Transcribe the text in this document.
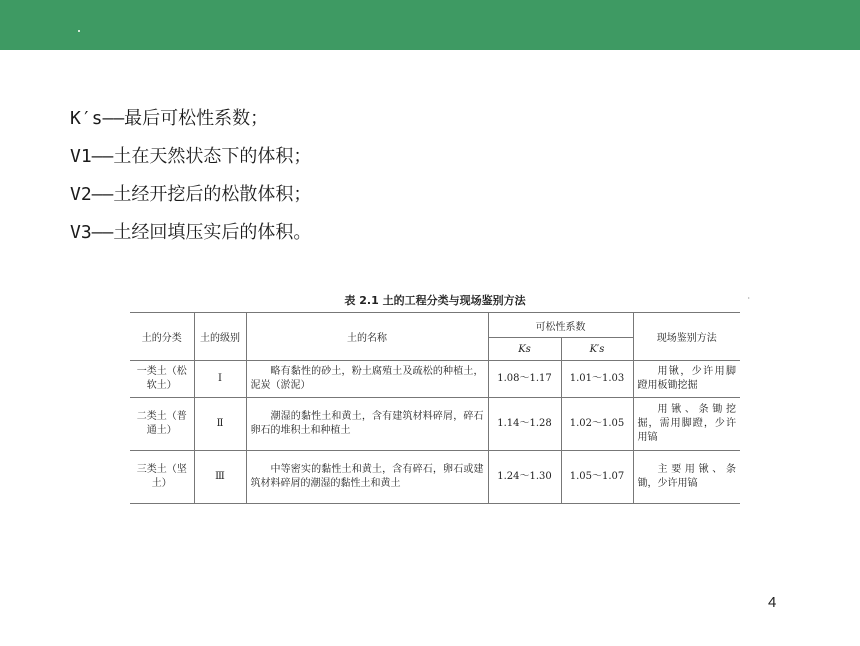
K′s——最后可松性系数；
V1——土在天然状态下的体积；
V2——土经开挖后的松散体积；
V3——土经回填压实后的体积。
表 2.1 土的工程分类与现场鉴别方法	·
土的分类	土的级别	土的名称	可松性系数		现场鉴别方法
			Ks	K′s	
一类土（松软土）	Ⅰ	略有黏性的砂土，粉土腐殖土及疏松的种植土，泥炭（淤泥）	1.08～1.17	1.01～1.03	用锹，少许用脚蹬用板锄挖掘
二类土（普通土）	Ⅱ	潮湿的黏性土和黄土，含有建筑材料碎屑，碎石卵石的堆积土和种植土	1.14～1.28	1.02～1.05	用锹、条锄挖掘，需用脚蹬，少许用镐
三类土（坚土）	Ⅲ	中等密实的黏性土和黄土，含有碎石，卵石或建筑材料碎屑的潮湿的黏性土和黄土	1.24～1.30	1.05～1.07	主要用锹、条锄，少许用镐
4
